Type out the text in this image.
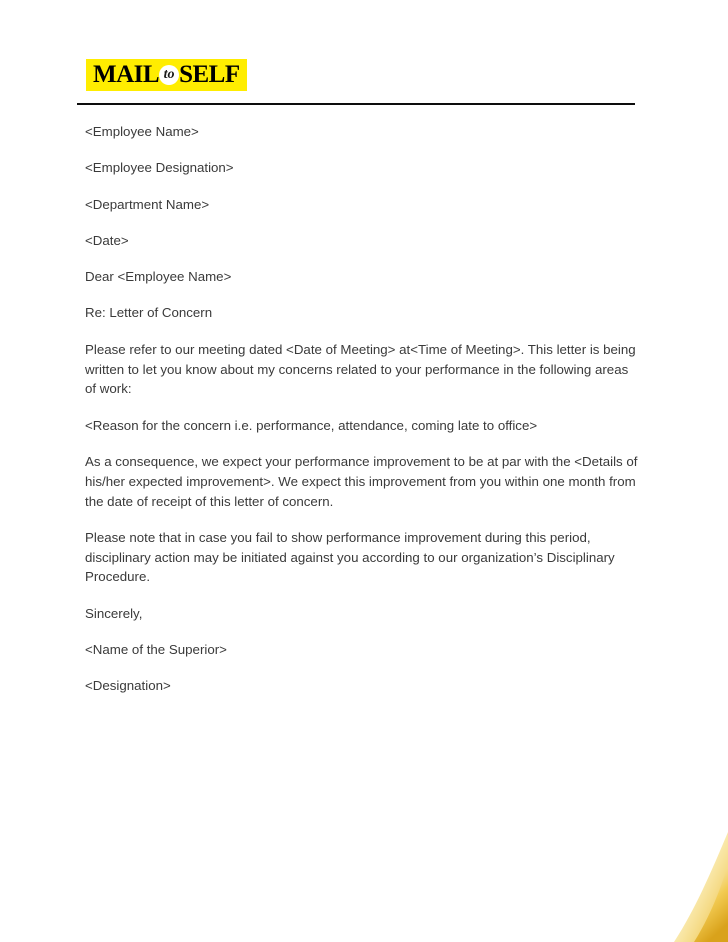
MAIL to SELF

<Employee Name>

<Employee Designation>

<Department Name>

<Date>

Dear <Employee Name>

Re: Letter of Concern

Please refer to our meeting dated <Date of Meeting> at<Time of Meeting>. This letter is being written to let you know about my concerns related to your performance in the following areas of work:

<Reason for the concern i.e. performance, attendance, coming late to office>

As a consequence, we expect your performance improvement to be at par with the <Details of his/her expected improvement>. We expect this improvement from you within one month from the date of receipt of this letter of concern.

Please note that in case you fail to show performance improvement during this period, disciplinary action may be initiated against you according to our organization’s Disciplinary Procedure.

Sincerely,

<Name of the Superior>

<Designation>
